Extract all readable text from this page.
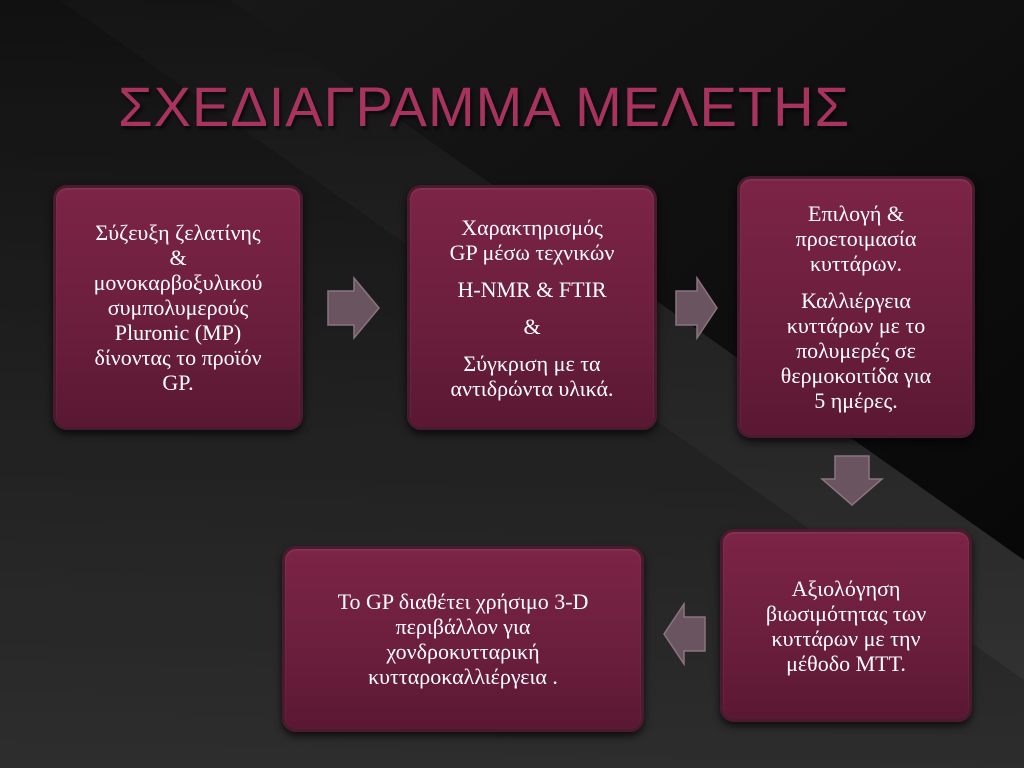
ΣΧΕΔΙΑΓΡΑΜΜΑ ΜΕΛΕΤΗΣ

Σύζευξη ζελατίνης

&

μονοκαρβοξυλικού

συμπολυμερούς

Pluronic (MP)

δίνοντας το προϊόν

GP.

Χαρακτηρισμός

GP μέσω τεχνικών

H-NMR & FTIR

&

Σύγκριση με τα

αντιδρώντα υλικά.

Επιλογή &

προετοιμασία

κυττάρων.

Καλλιέργεια

κυττάρων με το

πολυμερές σε

θερμοκοιτίδα για

5 ημέρες.

Αξιολόγηση

βιωσιμότητας των

κυττάρων με την

μέθοδο MTT.

Το GP διαθέτει χρήσιμο 3-D

περιβάλλον για

χονδροκυτταρική

κυτταροκαλλιέργεια .
